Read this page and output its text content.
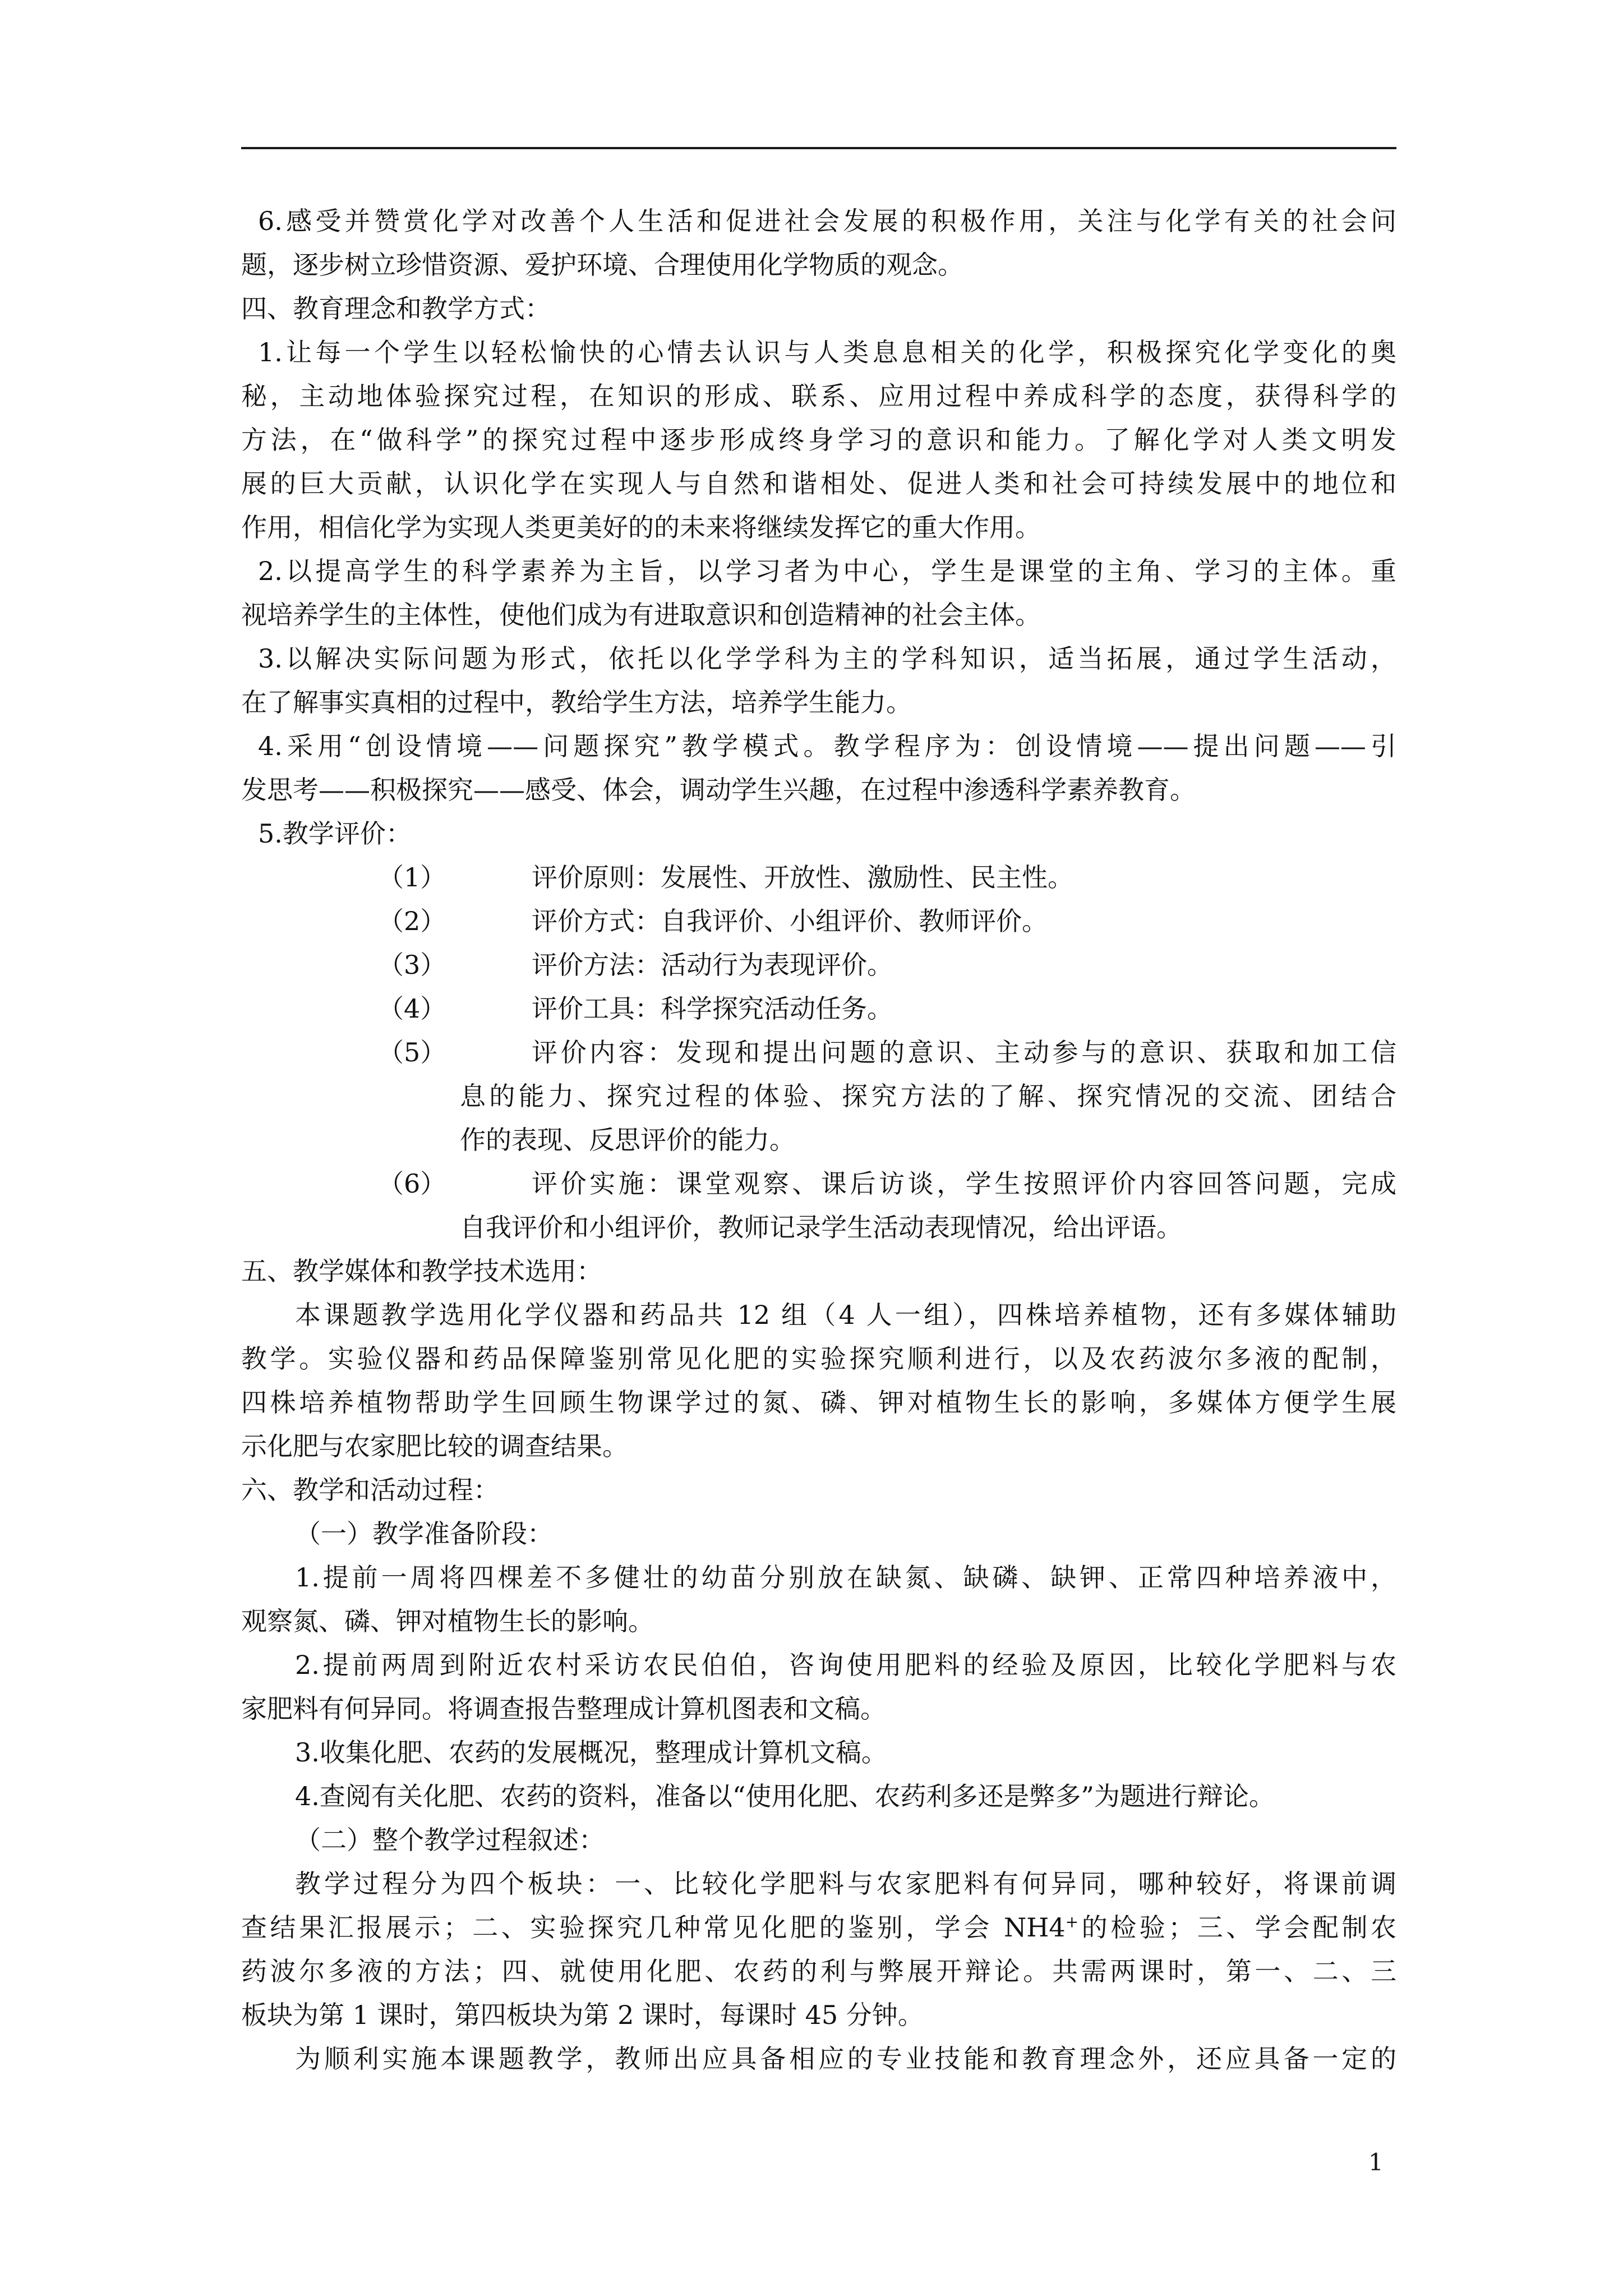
6.感受并赞赏化学对改善个人生活和促进社会发展的积极作用，关注与化学有关的社会问
题，逐步树立珍惜资源、爱护环境、合理使用化学物质的观念。
四、教育理念和教学方式：
1.让每一个学生以轻松愉快的心情去认识与人类息息相关的化学，积极探究化学变化的奥
秘，主动地体验探究过程，在知识的形成、联系、应用过程中养成科学的态度，获得科学的
方法，在“做科学”的探究过程中逐步形成终身学习的意识和能力。了解化学对人类文明发
展的巨大贡献，认识化学在实现人与自然和谐相处、促进人类和社会可持续发展中的地位和
作用，相信化学为实现人类更美好的的未来将继续发挥它的重大作用。
2.以提高学生的科学素养为主旨，以学习者为中心，学生是课堂的主角、学习的主体。重
视培养学生的主体性，使他们成为有进取意识和创造精神的社会主体。
3.以解决实际问题为形式，依托以化学学科为主的学科知识，适当拓展，通过学生活动，
在了解事实真相的过程中，教给学生方法，培养学生能力。
4.采用“创设情境——问题探究”教学模式。教学程序为：创设情境——提出问题——引
发思考——积极探究——感受、体会，调动学生兴趣，在过程中渗透科学素养教育。
5.教学评价：
（1）	评价原则：发展性、开放性、激励性、民主性。
（2）	评价方式：自我评价、小组评价、教师评价。
（3）	评价方法：活动行为表现评价。
（4）	评价工具：科学探究活动任务。
（5）	评价内容：发现和提出问题的意识、主动参与的意识、获取和加工信
息的能力、探究过程的体验、探究方法的了解、探究情况的交流、团结合
作的表现、反思评价的能力。
（6）	评价实施：课堂观察、课后访谈，学生按照评价内容回答问题，完成
自我评价和小组评价，教师记录学生活动表现情况，给出评语。
五、教学媒体和教学技术选用：
本课题教学选用化学仪器和药品共 12 组（4 人一组），四株培养植物，还有多媒体辅助
教学。实验仪器和药品保障鉴别常见化肥的实验探究顺利进行，以及农药波尔多液的配制，
四株培养植物帮助学生回顾生物课学过的氮、磷、钾对植物生长的影响，多媒体方便学生展
示化肥与农家肥比较的调查结果。
六、教学和活动过程：
（一）教学准备阶段：
1.提前一周将四棵差不多健壮的幼苗分别放在缺氮、缺磷、缺钾、正常四种培养液中，
观察氮、磷、钾对植物生长的影响。
2.提前两周到附近农村采访农民伯伯，咨询使用肥料的经验及原因，比较化学肥料与农
家肥料有何异同。将调查报告整理成计算机图表和文稿。
3.收集化肥、农药的发展概况，整理成计算机文稿。
4.查阅有关化肥、农药的资料，准备以“使用化肥、农药利多还是弊多”为题进行辩论。
（二）整个教学过程叙述：
教学过程分为四个板块：一、比较化学肥料与农家肥料有何异同，哪种较好，将课前调
查结果汇报展示；二、实验探究几种常见化肥的鉴别，学会 NH4+的检验；三、学会配制农
药波尔多液的方法；四、就使用化肥、农药的利与弊展开辩论。共需两课时，第一、二、三
板块为第 1 课时，第四板块为第 2 课时，每课时 45 分钟。
为顺利实施本课题教学，教师出应具备相应的专业技能和教育理念外，还应具备一定的
1
